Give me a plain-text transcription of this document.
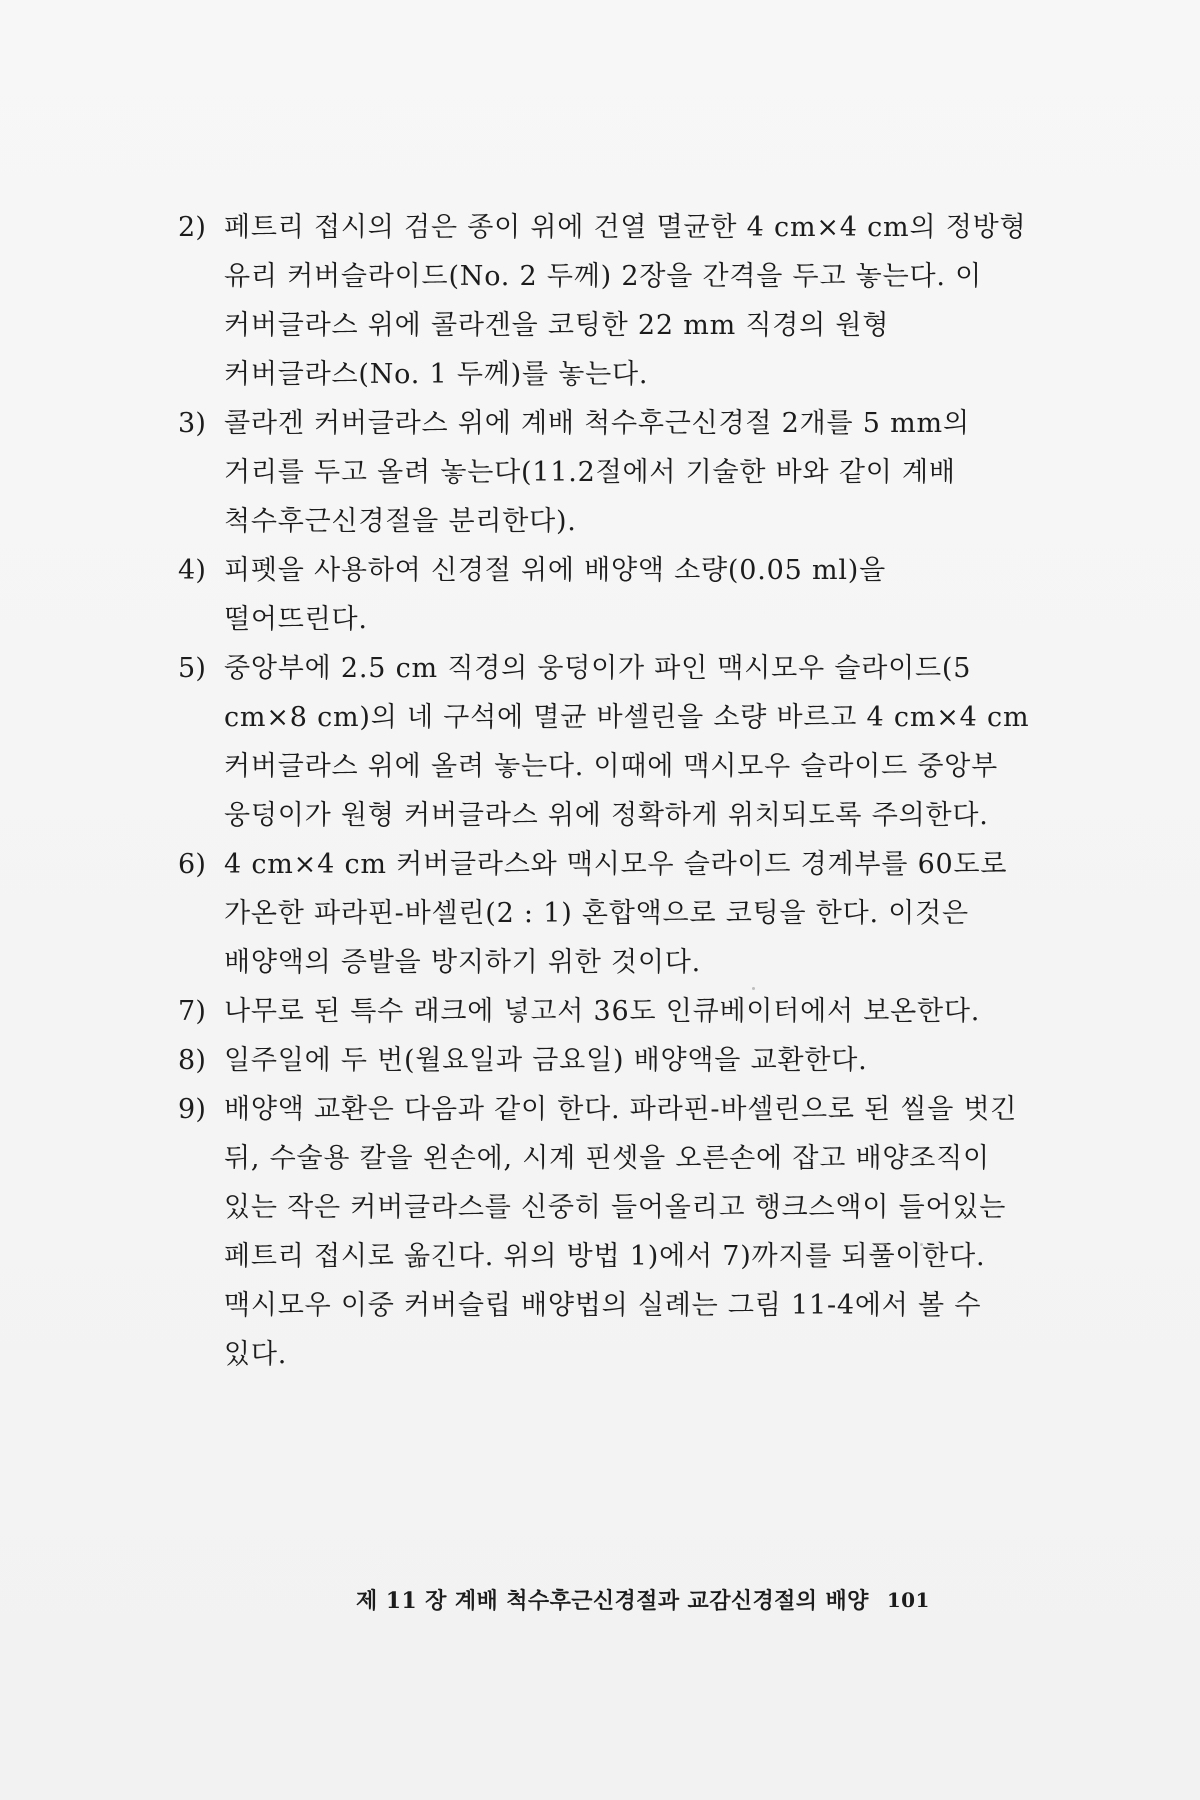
2) 페트리 접시의 검은 종이 위에 건열 멸균한 4 cm×4 cm의 정방형 유리 커버슬라이드(No. 2 두께) 2장을 간격을 두고 놓는다. 이 커버글라스 위에 콜라겐을 코팅한 22 mm 직경의 원형 커버글라스(No. 1 두께)를 놓는다.
3) 콜라겐 커버글라스 위에 계배 척수후근신경절 2개를 5 mm의 거리를 두고 올려 놓는다(11.2절에서 기술한 바와 같이 계배 척수후근신경절을 분리한다).
4) 피펫을 사용하여 신경절 위에 배양액 소량(0.05 ml)을 떨어뜨린다.
5) 중앙부에 2.5 cm 직경의 웅덩이가 파인 맥시모우 슬라이드(5 cm×8 cm)의 네 구석에 멸균 바셀린을 소량 바르고 4 cm×4 cm 커버글라스 위에 올려 놓는다. 이때에 맥시모우 슬라이드 중앙부 웅덩이가 원형 커버글라스 위에 정확하게 위치되도록 주의한다.
6) 4 cm×4 cm 커버글라스와 맥시모우 슬라이드 경계부를 60도로 가온한 파라핀-바셀린(2 : 1) 혼합액으로 코팅을 한다. 이것은 배양액의 증발을 방지하기 위한 것이다.
7) 나무로 된 특수 래크에 넣고서 36도 인큐베이터에서 보온한다.
8) 일주일에 두 번(월요일과 금요일) 배양액을 교환한다.
9) 배양액 교환은 다음과 같이 한다. 파라핀-바셀린으로 된 씰을 벗긴 뒤, 수술용 칼을 왼손에, 시계 핀셋을 오른손에 잡고 배양조직이 있는 작은 커버글라스를 신중히 들어올리고 행크스액이 들어있는 페트리 접시로 옮긴다. 위의 방법 1)에서 7)까지를 되풀이한다. 맥시모우 이중 커버슬립 배양법의 실례는 그림 11-4에서 볼 수 있다.
제 11 장 계배 척수후근신경절과 교감신경절의 배양 101
